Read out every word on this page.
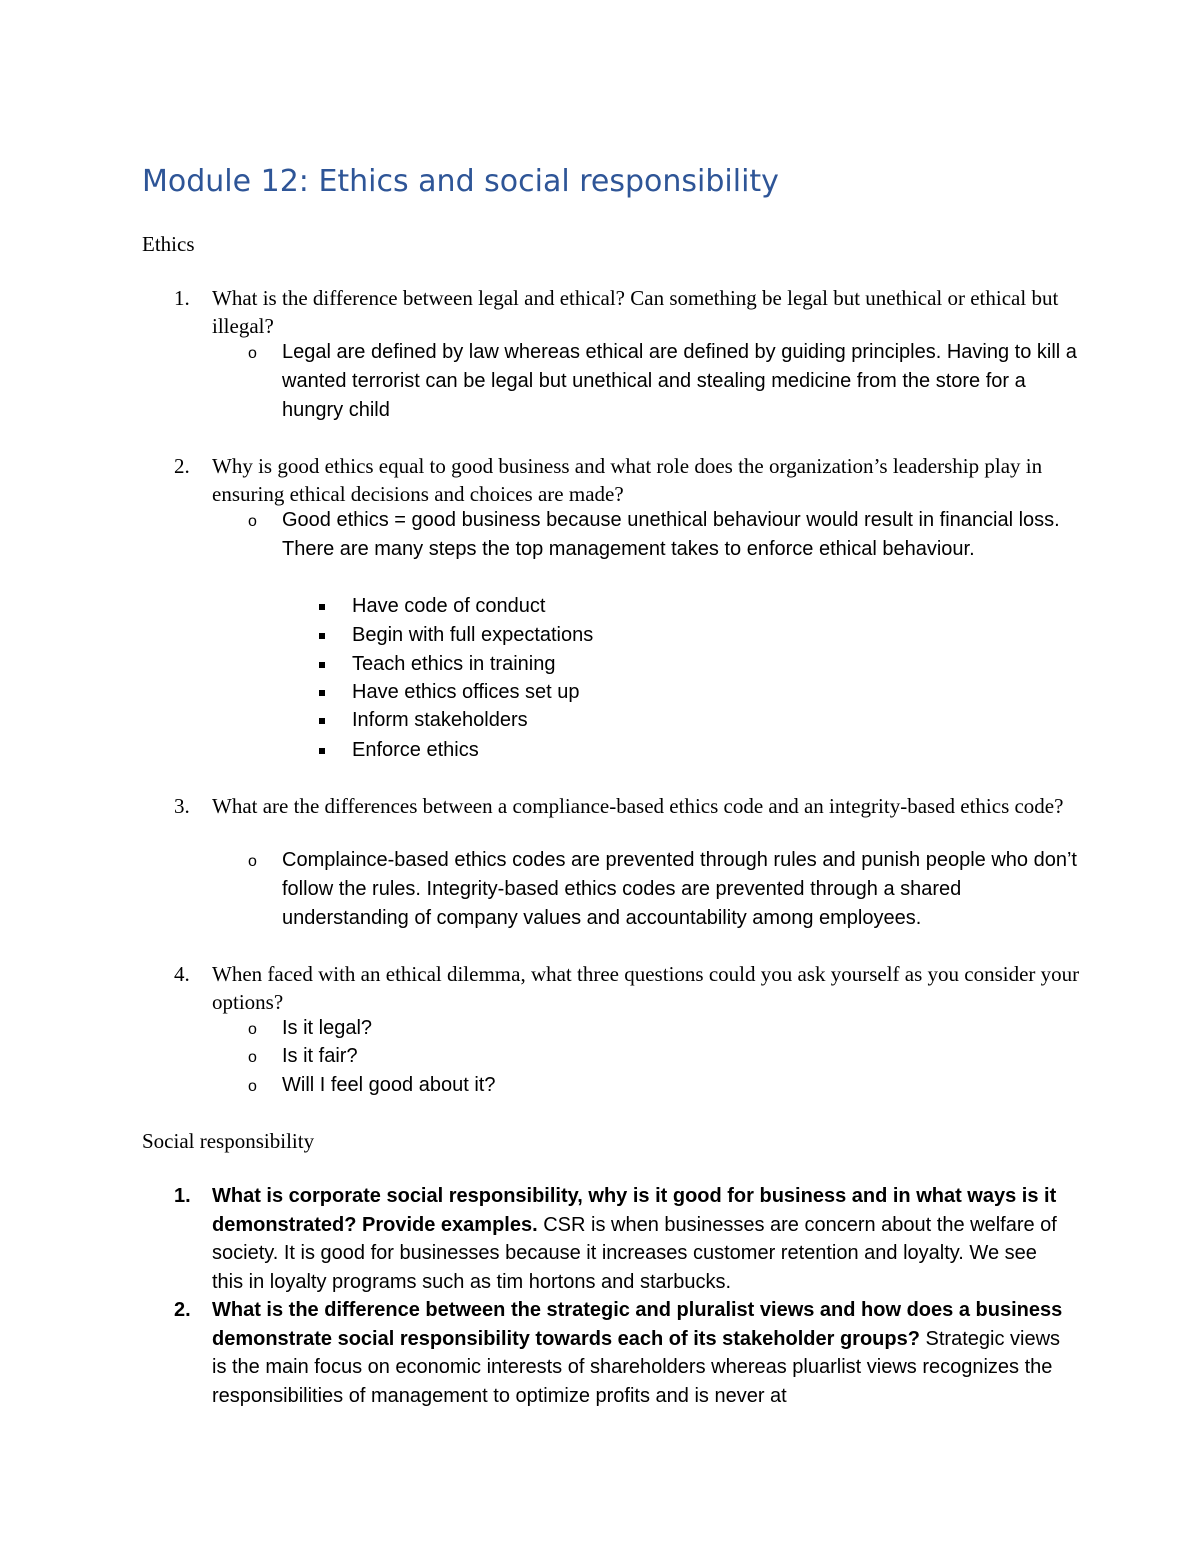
Module 12: Ethics and social responsibility
Ethics
1. What is the difference between legal and ethical? Can something be legal but unethical or ethical but illegal?
o Legal are defined by law whereas ethical are defined by guiding principles. Having to kill a wanted terrorist can be legal but unethical and stealing medicine from the store for a hungry child
2. Why is good ethics equal to good business and what role does the organization’s leadership play in ensuring ethical decisions and choices are made?
o Good ethics = good business because unethical behaviour would result in financial loss. There are many steps the top management takes to enforce ethical behaviour.
Have code of conduct
Begin with full expectations
Teach ethics in training
Have ethics offices set up
Inform stakeholders
Enforce ethics
3. What are the differences between a compliance-based ethics code and an integrity-based ethics code?
o Complaince-based ethics codes are prevented through rules and punish people who don’t follow the rules. Integrity-based ethics codes are prevented through a shared understanding of company values and accountability among employees.
4. When faced with an ethical dilemma, what three questions could you ask yourself as you consider your options?
o Is it legal?
o Is it fair?
o Will I feel good about it?
Social responsibility
1. What is corporate social responsibility, why is it good for business and in what ways is it demonstrated? Provide examples. CSR is when businesses are concern about the welfare of society. It is good for businesses because it increases customer retention and loyalty. We see this in loyalty programs such as tim hortons and starbucks.
2. What is the difference between the strategic and pluralist views and how does a business demonstrate social responsibility towards each of its stakeholder groups? Strategic views is the main focus on economic interests of shareholders whereas pluarlist views recognizes the responsibilities of management to optimize profits and is never at
